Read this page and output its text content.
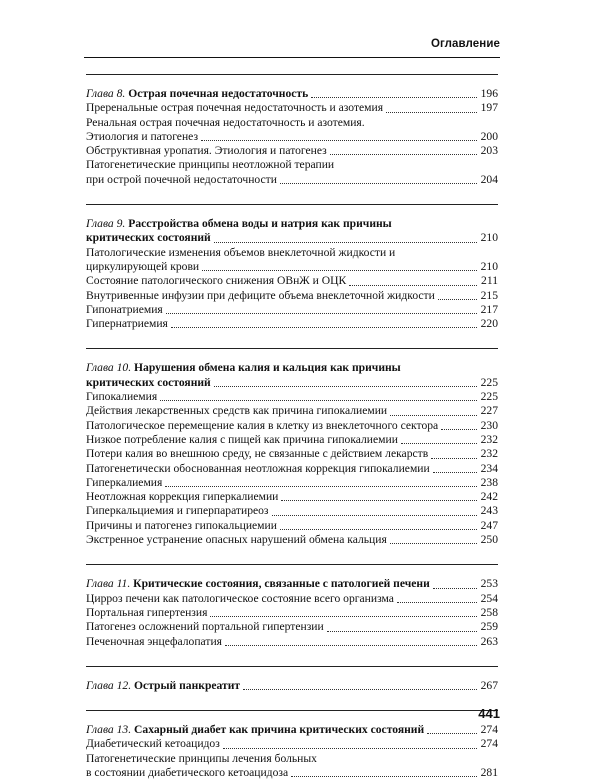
Оглавление
Глава 8. Острая почечная недостаточность	196
Преренальные острая почечная недостаточность и азотемия	197
Ренальная острая почечная недостаточность и азотемия.
Этиология и патогенез	200
Обструктивная уропатия. Этиология и патогенез	203
Патогенетические принципы неотложной терапии
при острой почечной недостаточности	204
Глава 9. Расстройства обмена воды и натрия как причины
критических состояний	210
Патологические изменения объемов внеклеточной жидкости и
циркулирующей крови	210
Состояние патологического снижения ОВнЖ и ОЦК	211
Внутривенные инфузии при дефиците объема внеклеточной жидкости	215
Гипонатриемия	217
Гипернатриемия	220
Глава 10. Нарушения обмена калия и кальция как причины
критических состояний	225
Гипокалиемия	225
Действия лекарственных средств как причина гипокалиемии	227
Патологическое перемещение калия в клетку из внеклеточного сектора	230
Низкое потребление калия с пищей как причина гипокалиемии	232
Потери калия во внешнюю среду, не связанные с действием лекарств	232
Патогенетически обоснованная неотложная коррекция гипокалиемии	234
Гиперкалиемия	238
Неотложная коррекция гиперкалиемии	242
Гиперкальциемия и гиперпаратиреоз	243
Причины и патогенез гипокальциемии	247
Экстренное устранение опасных нарушений обмена кальция	250
Глава 11. Критические состояния, связанные с патологией печени	253
Цирроз печени как патологическое состояние всего организма	254
Портальная гипертензия	258
Патогенез осложнений портальной гипертензии	259
Печеночная энцефалопатия	263
Глава 12. Острый панкреатит	267
Глава 13. Сахарный диабет как причина критических состояний	274
Диабетический кетоацидоз	274
Патогенетические принципы лечения больных
в состоянии диабетического кетоацидоза	281
441
